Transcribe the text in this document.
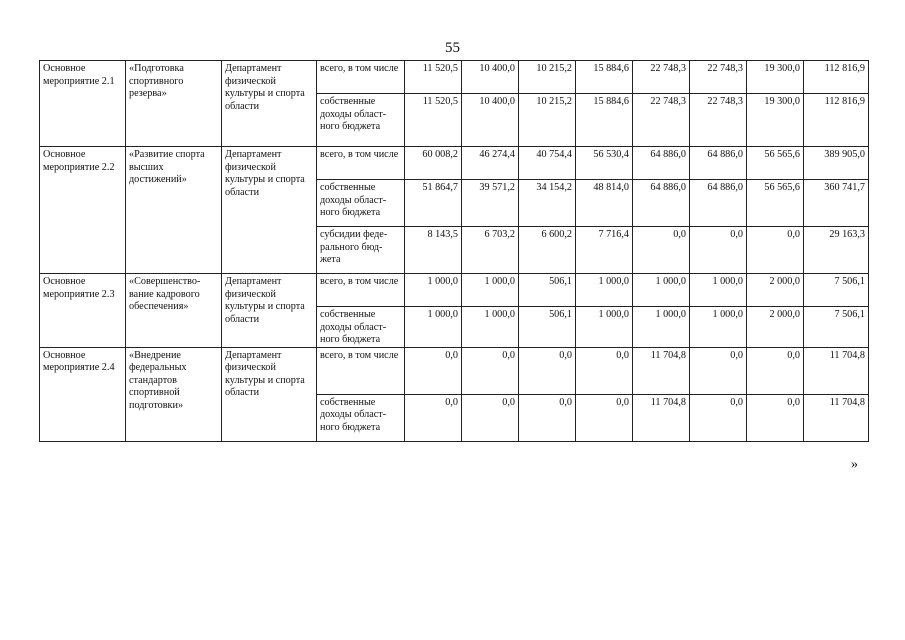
55
Основное мероприятие 2.1	«Подготовка спортивного резерва»	Департамент физической культуры и спорта области	всего, в том числе	11 520,5	10 400,0	10 215,2	15 884,6	22 748,3	22 748,3	19 300,0	112 816,9
			собственные доходы област-ного бюджета	11 520,5	10 400,0	10 215,2	15 884,6	22 748,3	22 748,3	19 300,0	112 816,9
Основное мероприятие 2.2	«Развитие спорта высших достижений»	Департамент физической культуры и спорта области	всего, в том числе	60 008,2	46 274,4	40 754,4	56 530,4	64 886,0	64 886,0	56 565,6	389 905,0
			собственные доходы област-ного бюджета	51 864,7	39 571,2	34 154,2	48 814,0	64 886,0	64 886,0	56 565,6	360 741,7
			субсидии феде-рального бюд-жета	8 143,5	6 703,2	6 600,2	7 716,4	0,0	0,0	0,0	29 163,3
Основное мероприятие 2.3	«Совершенство-вание кадрового обеспечения»	Департамент физической культуры и спорта области	всего, в том числе	1 000,0	1 000,0	506,1	1 000,0	1 000,0	1 000,0	2 000,0	7 506,1
			собственные доходы област-ного бюджета	1 000,0	1 000,0	506,1	1 000,0	1 000,0	1 000,0	2 000,0	7 506,1
Основное мероприятие 2.4	«Внедрение федеральных стандартов спортивной подготовки»	Департамент физической культуры и спорта области	всего, в том числе	0,0	0,0	0,0	0,0	11 704,8	0,0	0,0	11 704,8
			собственные доходы област-ного бюджета	0,0	0,0	0,0	0,0	11 704,8	0,0	0,0	11 704,8
»
